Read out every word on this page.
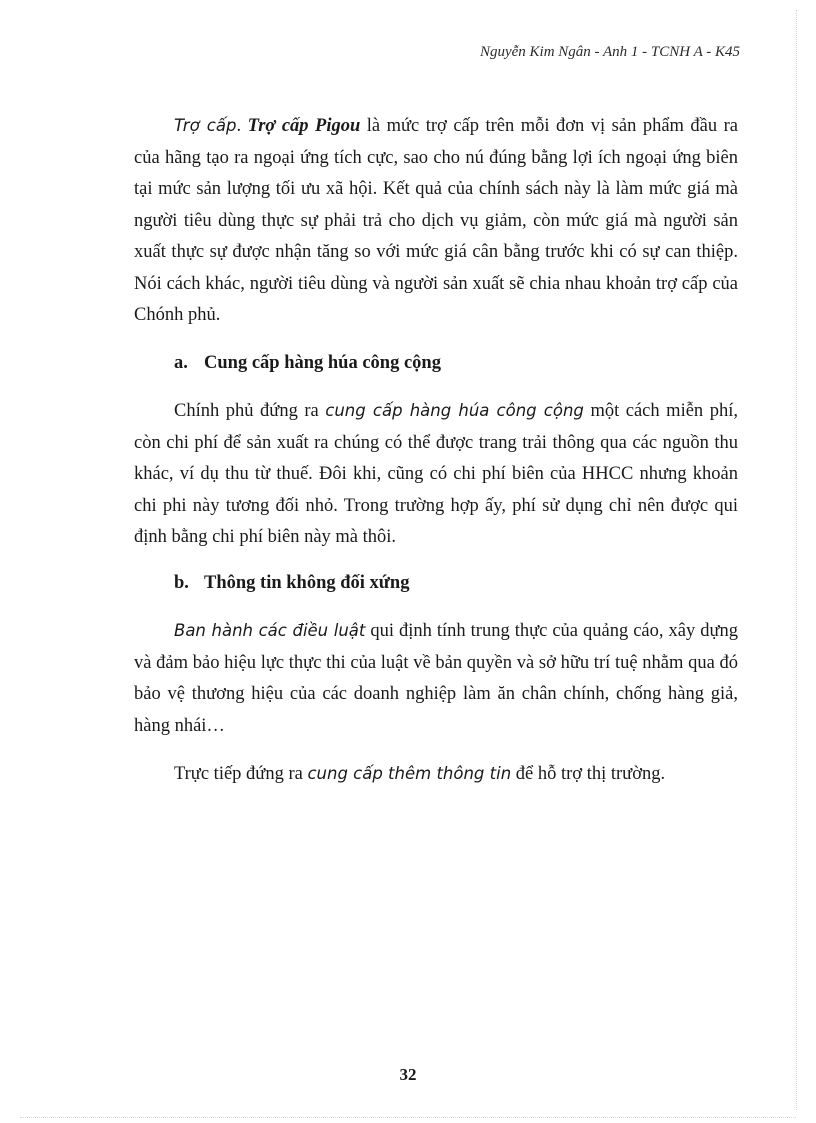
Nguyễn Kim Ngân - Anh 1 - TCNH A - K45

Trợ cấp. Trợ cấp Pigou là mức trợ cấp trên mỗi đơn vị sản phẩm đầu ra của hãng tạo ra ngoại ứng tích cực, sao cho nú đúng bằng lợi ích ngoại ứng biên tại mức sản lượng tối ưu xã hội. Kết quả của chính sách này là làm mức giá mà người tiêu dùng thực sự phải trả cho dịch vụ giảm, còn mức giá mà người sản xuất thực sự được nhận tăng so với mức giá cân bằng trước khi có sự can thiệp. Nói cách khác, người tiêu dùng và người sản xuất sẽ chia nhau khoản trợ cấp của Chónh phủ.

a. Cung cấp hàng húa công cộng

Chính phủ đứng ra cung cấp hàng húa công cộng một cách miễn phí, còn chi phí để sản xuất ra chúng có thể được trang trải thông qua các nguồn thu khác, ví dụ thu từ thuế. Đôi khi, cũng có chi phí biên của HHCC nhưng khoản chi phi này tương đối nhỏ. Trong trường hợp ấy, phí sử dụng chỉ nên được qui định bằng chi phí biên này mà thôi.

b. Thông tin không đối xứng

Ban hành các điều luật qui định tính trung thực của quảng cáo, xây dựng và đảm bảo hiệu lực thực thi của luật về bản quyền và sở hữu trí tuệ nhằm qua đó bảo vệ thương hiệu của các doanh nghiệp làm ăn chân chính, chống hàng giả, hàng nhái…

Trực tiếp đứng ra cung cấp thêm thông tin để hỗ trợ thị trường.

32
